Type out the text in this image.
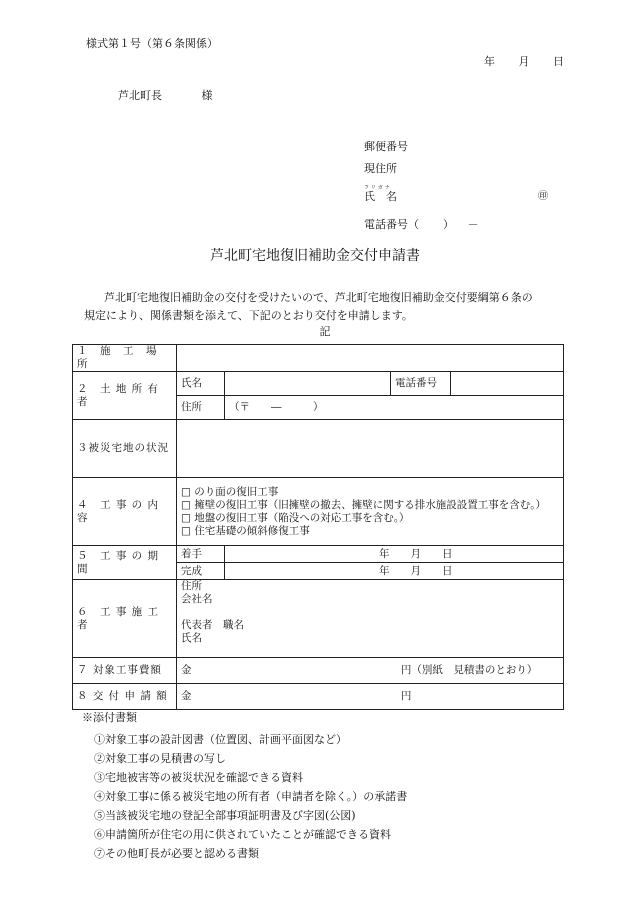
様式第１号（第６条関係）
年 月 日
芦北町長	様
郵便番号
現住所
フリガナ
氏　名	㊞
電話番号（ ） －
芦北町宅地復旧補助金交付申請書
芦北町宅地復旧補助金の交付を受けたいので、芦北町宅地復旧補助金交付要綱第６条の
規定により、関係書類を添えて、下記のとおり交付を申請します。
記
１　施　工　場　所				
２　土 地 所 有 者	氏名		電話番号	
	住所	（〒　　―　　　）		
３被災宅地の状況				
４　工 事 の 内 容	□ のり面の復旧工事
□ 擁壁の復旧工事（旧擁壁の撤去、擁壁に関する排水施設設置工事を含む。）
□ 地盤の復旧工事（陥没への対応工事を含む。）
□ 住宅基礎の傾斜修復工事			

５　工 事 の 期 間	着手	年　　月　　日		
	完成	年　　月　　日		
６　工 事 施 工 者	住所
会社名
代表者　職名
氏名			

７ 対象工事費額	金 円（別紙　見積書のとおり）			
８ 交 付 申 請 額	金 円			
※添付書類
①対象工事の設計図書（位置図、計画平面図など）
②対象工事の見積書の写し
③宅地被害等の被災状況を確認できる資料
④対象工事に係る被災宅地の所有者（申請者を除く。）の承諾書
⑤当該被災宅地の登記全部事項証明書及び字図(公図)
⑥申請箇所が住宅の用に供されていたことが確認できる資料
⑦その他町長が必要と認める書類
